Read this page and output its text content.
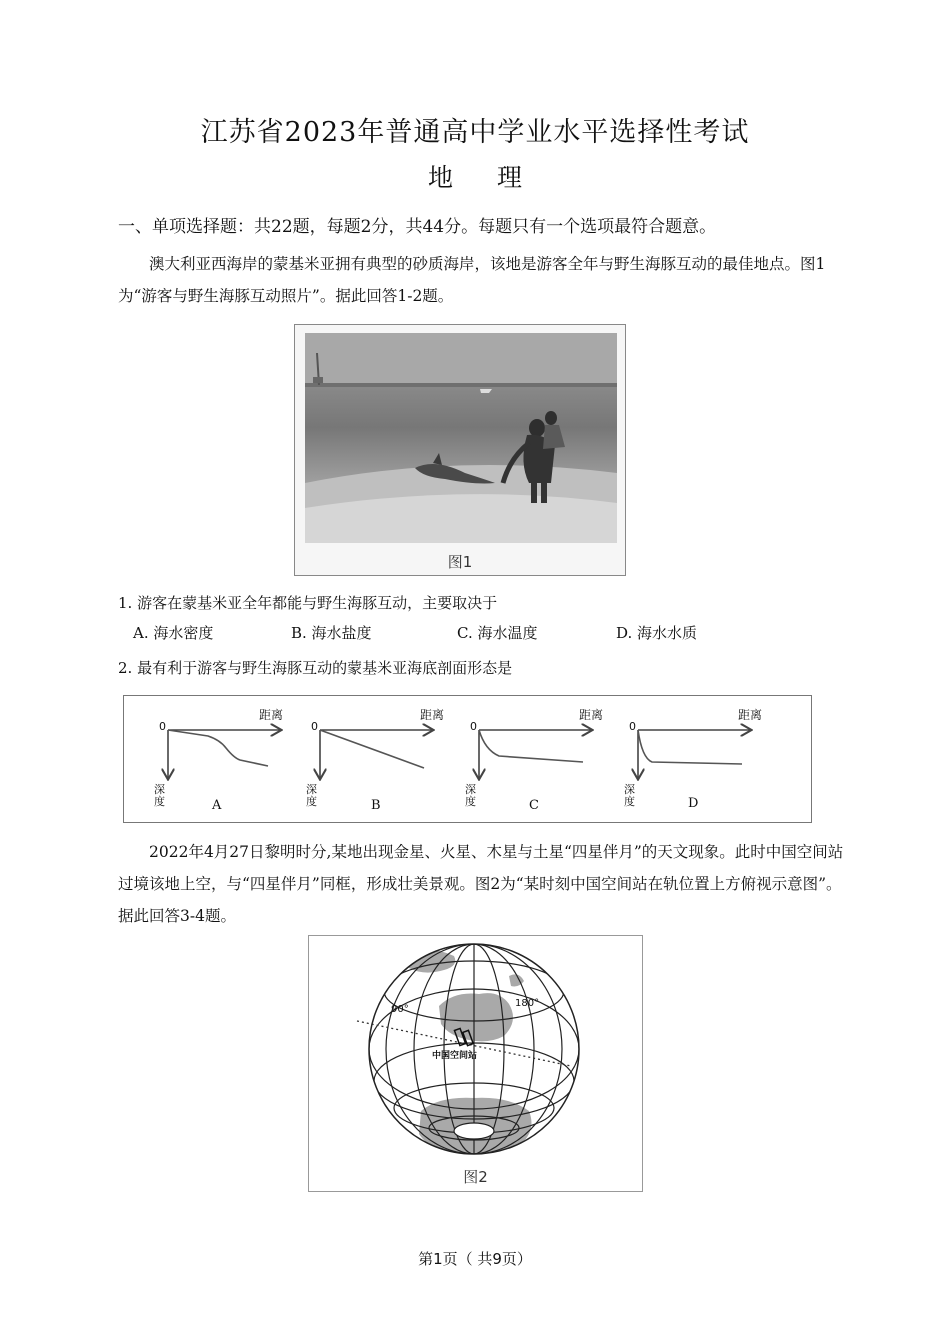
江苏省2023年普通高中学业水平选择性考试
地理
一、单项选择题：共22题，每题2分，共44分。每题只有一个选项最符合题意。
澳大利亚西海岸的蒙基米亚拥有典型的砂质海岸，该地是游客全年与野生海豚互动的最佳地点。图1为“游客与野生海豚互动照片”。据此回答1-2题。
图1
1. 游客在蒙基米亚全年都能与野生海豚互动，主要取决于
A. 海水密度	B. 海水盐度	C. 海水温度	D. 海水水质
2. 最有利于游客与野生海豚互动的蒙基米亚海底剖面形态是
0
距离
深度	A
0
距离
深度	B
0
距离
深度	C
0
距离
深度	D
2022年4月27日黎明时分,某地出现金星、火星、木星与土星“四星伴月”的天文现象。此时中国空间站过境该地上空，与“四星伴月”同框，形成壮美景观。图2为“某时刻中国空间站在轨位置上方俯视示意图”。据此回答3-4题。
90°
180°
中国空间站
图2
第1页（ 共9页）
